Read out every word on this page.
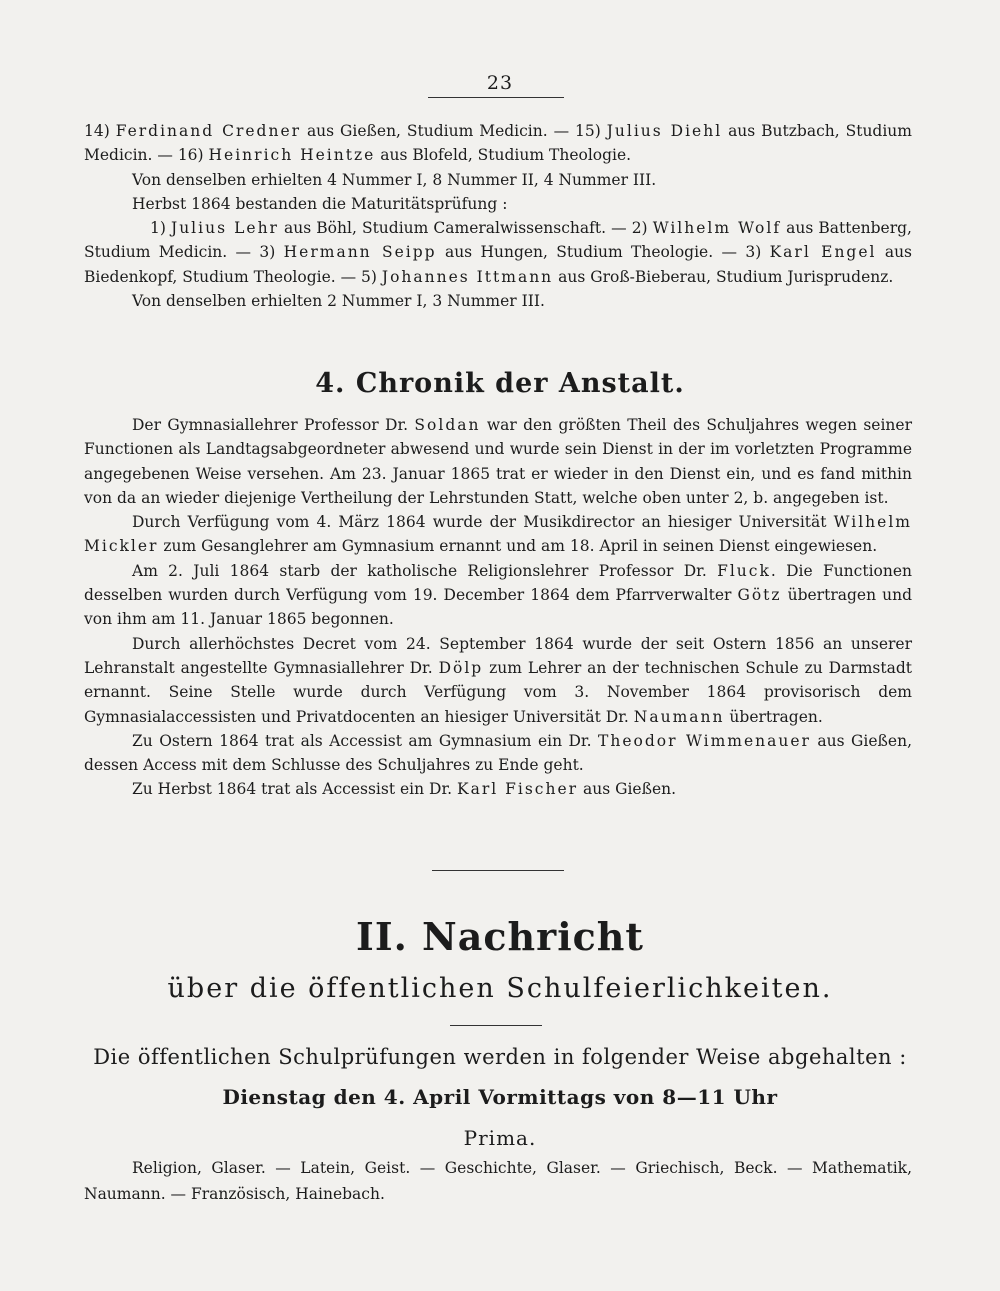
23

14) Ferdinand Credner aus Gießen, Studium Medicin. — 15) Julius Diehl aus Butzbach, Studium Medicin. — 16) Heinrich Heintze aus Blofeld, Studium Theologie.

Von denselben erhielten 4 Nummer I, 8 Nummer II, 4 Nummer III.

Herbst 1864 bestanden die Maturitätsprüfung :

1) Julius Lehr aus Böhl, Studium Cameralwissenschaft. — 2) Wilhelm Wolf aus Battenberg, Studium Medicin. — 3) Hermann Seipp aus Hungen, Studium Theologie. — 3) Karl Engel aus Biedenkopf, Studium Theologie. — 5) Johannes Ittmann aus Groß-Bieberau, Studium Jurisprudenz.

Von denselben erhielten 2 Nummer I, 3 Nummer III.

4. Chronik der Anstalt.

Der Gymnasiallehrer Professor Dr. Soldan war den größten Theil des Schuljahres wegen seiner Functionen als Landtagsabgeordneter abwesend und wurde sein Dienst in der im vorletzten Programme angegebenen Weise versehen. Am 23. Januar 1865 trat er wieder in den Dienst ein, und es fand mithin von da an wieder diejenige Vertheilung der Lehrstunden Statt, welche oben unter 2, b. angegeben ist.

Durch Verfügung vom 4. März 1864 wurde der Musikdirector an hiesiger Universität Wilhelm Mickler zum Gesanglehrer am Gymnasium ernannt und am 18. April in seinen Dienst eingewiesen.

Am 2. Juli 1864 starb der katholische Religionslehrer Professor Dr. Fluck. Die Functionen desselben wurden durch Verfügung vom 19. December 1864 dem Pfarrverwalter Götz übertragen und von ihm am 11. Januar 1865 begonnen.

Durch allerhöchstes Decret vom 24. September 1864 wurde der seit Ostern 1856 an unserer Lehranstalt angestellte Gymnasiallehrer Dr. Dölp zum Lehrer an der technischen Schule zu Darmstadt ernannt. Seine Stelle wurde durch Verfügung vom 3. November 1864 provisorisch dem Gymnasialaccessisten und Privatdocenten an hiesiger Universität Dr. Naumann übertragen.

Zu Ostern 1864 trat als Accessist am Gymnasium ein Dr. Theodor Wimmenauer aus Gießen, dessen Access mit dem Schlusse des Schuljahres zu Ende geht.

Zu Herbst 1864 trat als Accessist ein Dr. Karl Fischer aus Gießen.

II. Nachricht
über die öffentlichen Schulfeierlichkeiten.
Die öffentlichen Schulprüfungen werden in folgender Weise abgehalten :
Dienstag den 4. April Vormittags von 8—11 Uhr
Prima.

Religion, Glaser. — Latein, Geist. — Geschichte, Glaser. — Griechisch, Beck. — Mathematik, Naumann. — Französisch, Hainebach.
